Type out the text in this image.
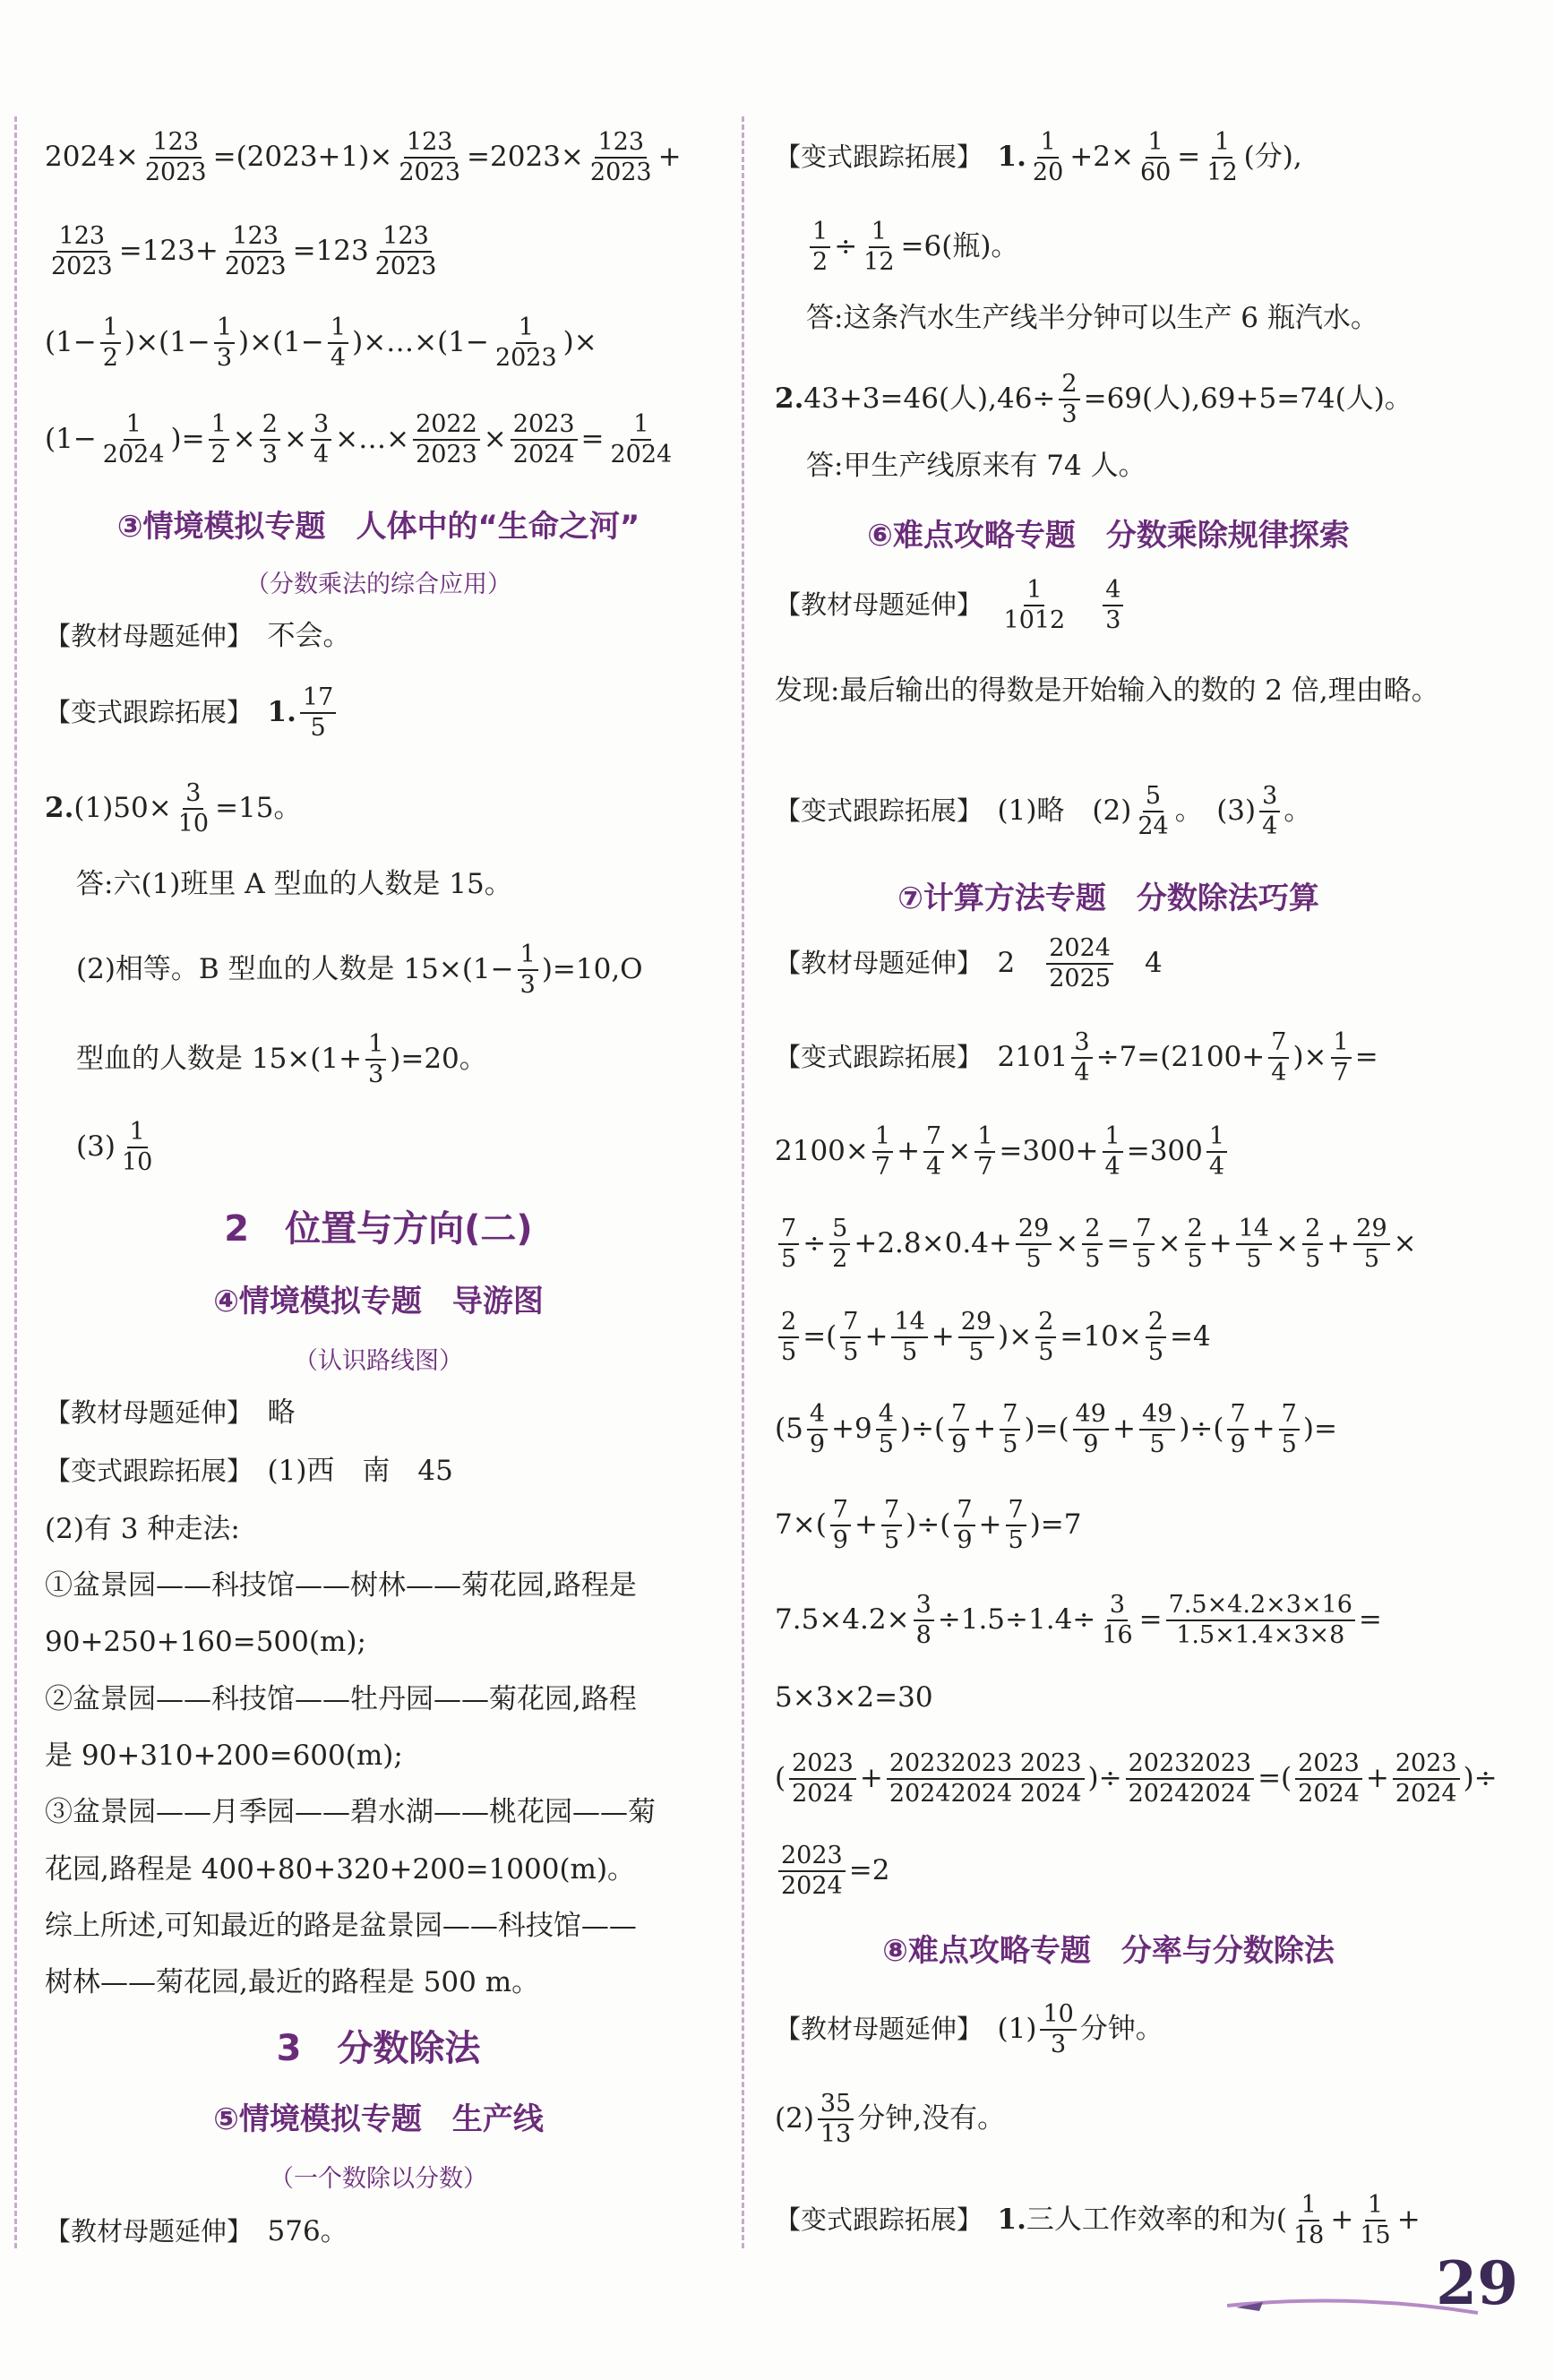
$2024\times \frac{123}{2023} =(2023+1)\times \frac{123}{2023} =2023\times \frac{123}{2023}$ +
$\frac{123}{2023} =123+ \frac{123}{2023} =123 \frac{123}{2023}$
$(1- \frac{1}{2} )\times(1- \frac{1}{3} )\times(1- \frac{1}{4}$ )×…×(1− $\frac{1}{2023}$ )×
($1- \frac{1}{2024}$ )= $\frac{1}{2} \times \frac{2}{3} \times \frac{3}{4}$ ×…× $\frac{2022}{2023} \times \frac{2023}{2024} = \frac{1}{2024}$
③情境模拟专题　人体中的“生命之河”
（分数乘法的综合应用）
【教材母题延伸】　 不会。
【变式跟踪拓展】　 1. $\frac{17}{5}$
$2.(1)50\times \frac{3}{10} =15$。
答:六(1)班里 A 型血的人数是 15。
(2)相等。B 型血的人数是 $15\times(1- \frac{1}{3} )=10,O$
型血的人数是 $15\times(1+ \frac{1}{3} )=20$。
$(3) \frac{1}{10}$
2　位置与方向(二)
④情境模拟专题　导游图
（认识路线图）
【教材母题延伸】　 略
【变式跟踪拓展】　 (1)西　南　45
(2)有 3 种走法:
①盆景园——科技馆——树林——菊花园,路程是
90+250+160=500(m);
②盆景园——科技馆——牡丹园——菊花园,路程
是 90+310+200=600(m);
③盆景园——月季园——碧水湖——桃花园——菊
花园,路程是 400+80+320+200=1000(m)。
综上所述,可知最近的路是盆景园——科技馆——
树林——菊花园,最近的路程是 500 m。
3　分数除法
⑤情境模拟专题　生产线
（一个数除以分数）
【教材母题延伸】　 576。
【变式跟踪拓展】　 1. $\frac{1}{20} +2\times \frac{1}{60} = \frac{1}{12}$ (分),
$\frac{1}{2} \div \frac{1}{12} =6$(瓶)。
答:这条汽水生产线半分钟可以生产 6 瓶汽水。
2.43+3=46(人)$,46\div \frac{2}{3} =69$(人),69+5=74(人)。
答:甲生产线原来有 74 人。
⑥难点攻略专题　分数乘除规律探索
【教材母题延伸】　 $\frac{1}{1012}$
　 $\frac{4}{3}$
发现:最后输出的得数是开始输入的数的 2 倍,理由略。
【变式跟踪拓展】　 (1)略　$(2) \frac{5}{24}$ 。　$(3) \frac{3}{4}$ 。
⑦计算方法专题　分数除法巧算
【教材母题延伸】　 2　 $\frac{2024}{2025}$
　 4
【变式跟踪拓展】　 $2101 \frac{3}{4} \div 7=(2100+ \frac{7}{4}$ )× $\frac{1}{7}$ =
$2100\times \frac{1}{7} + \frac{7}{4} \times \frac{1}{7} =300+ \frac{1}{4} =300 \frac{1}{4}$
$\frac{7}{5} \div \frac{5}{2} +2.8\times 0.4+ \frac{29}{5} \times \frac{2}{5} = \frac{7}{5} \times \frac{2}{5} + \frac{14}{5} \times \frac{2}{5} + \frac{29}{5}$ ×
$\frac{2}{5}$ =( $\frac{7}{5} + \frac{14}{5} + \frac{29}{5}$ )× $\frac{2}{5} =10\times \frac{2}{5} =4$
($5 \frac{4}{9} +9 \frac{4}{5}$ )÷( $\frac{7}{9} + \frac{7}{5}$ )=( $\frac{49}{9} + \frac{49}{5}$ )÷( $\frac{7}{9} + \frac{7}{5}$ )=
$7\times( \frac{7}{9} + \frac{7}{5}$ )÷( $\frac{7}{9} + \frac{7}{5} )=7$
$7.5\times 4.2\times \frac{3}{8} \div 1.5\div 1.4\div \frac{3}{16} = \frac{7.5\times 4.2\times 3\times 16}{1.5\times 1.4\times 3\times 8}$ =
5×3×2=30
( $\frac{2023}{2024} + \frac{20232023 2023}{20242024 2024}$ )÷ $\frac{20232023}{20242024}$ =( $\frac{2023}{2024} + \frac{2023}{2024}$ )÷
$\frac{2023}{2024} =2$
⑧难点攻略专题　分率与分数除法
【教材母题延伸】　 $(1) \frac{10}{3}$ 分钟。
$(2) \frac{35}{13}$ 分钟,没有。
【变式跟踪拓展】　 1.三人工作效率的和为( $\frac{1}{18} + \frac{1}{15}$ +
29
